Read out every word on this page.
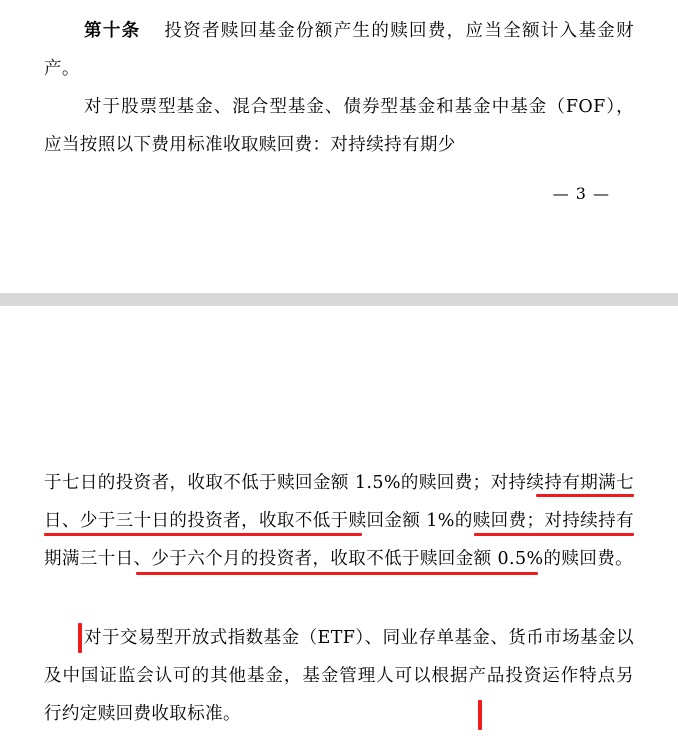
第十条 投资者赎回基金份额产生的赎回费，应当全额计入基金财产。

对于股票型基金、混合型基金、债券型基金和基金中基金（FOF），应当按照以下费用标准收取赎回费：对持续持有期少

— 3 —

于七日的投资者，收取不低于赎回金额 1.5%的赎回费；对持续持有期满七日、少于三十日的投资者，收取不低于赎回金额 1%的赎回费；对持续持有期满三十日、少于六个月的投资者，收取不低于赎回金额 0.5%的赎回费。

对于交易型开放式指数基金（ETF）、同业存单基金、货币市场基金以及中国证监会认可的其他基金，基金管理人可以根据产品投资运作特点另行约定赎回费收取标准。
